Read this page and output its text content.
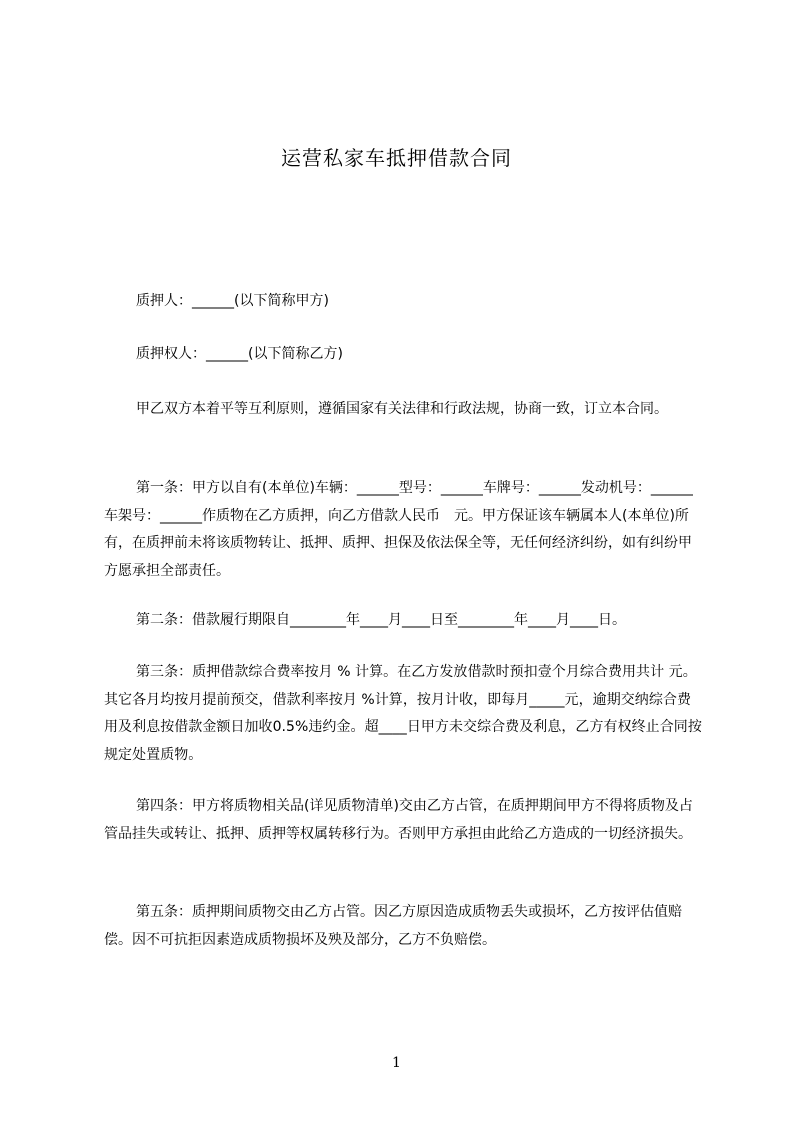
运营私家车抵押借款合同

质押人：______(以下简称甲方)

质押权人：______(以下简称乙方)

甲乙双方本着平等互利原则，遵循国家有关法律和行政法规，协商一致，订立本合同。

第一条：甲方以自有(本单位)车辆：______型号：______车牌号：______发动机号：______车架号：______作质物在乙方质押，向乙方借款人民币　元。甲方保证该车辆属本人(本单位)所有，在质押前未将该质物转让、抵押、质押、担保及依法保全等，无任何经济纠纷，如有纠纷甲方愿承担全部责任。

第二条：借款履行期限自________年____月____日至________年____月____日。

第三条：质押借款综合费率按月 % 计算。在乙方发放借款时预扣壹个月综合费用共计 元。其它各月均按月提前预交，借款利率按月 %计算，按月计收，即每月_____元，逾期交纳综合费用及利息按借款金额日加收0.5%违约金。超____日甲方未交综合费及利息，乙方有权终止合同按规定处置质物。

第四条：甲方将质物相关品(详见质物清单)交由乙方占管，在质押期间甲方不得将质物及占管品挂失或转让、抵押、质押等权属转移行为。否则甲方承担由此给乙方造成的一切经济损失。

第五条：质押期间质物交由乙方占管。因乙方原因造成质物丢失或损坏，乙方按评估值赔偿。因不可抗拒因素造成质物损坏及殃及部分，乙方不负赔偿。

1
